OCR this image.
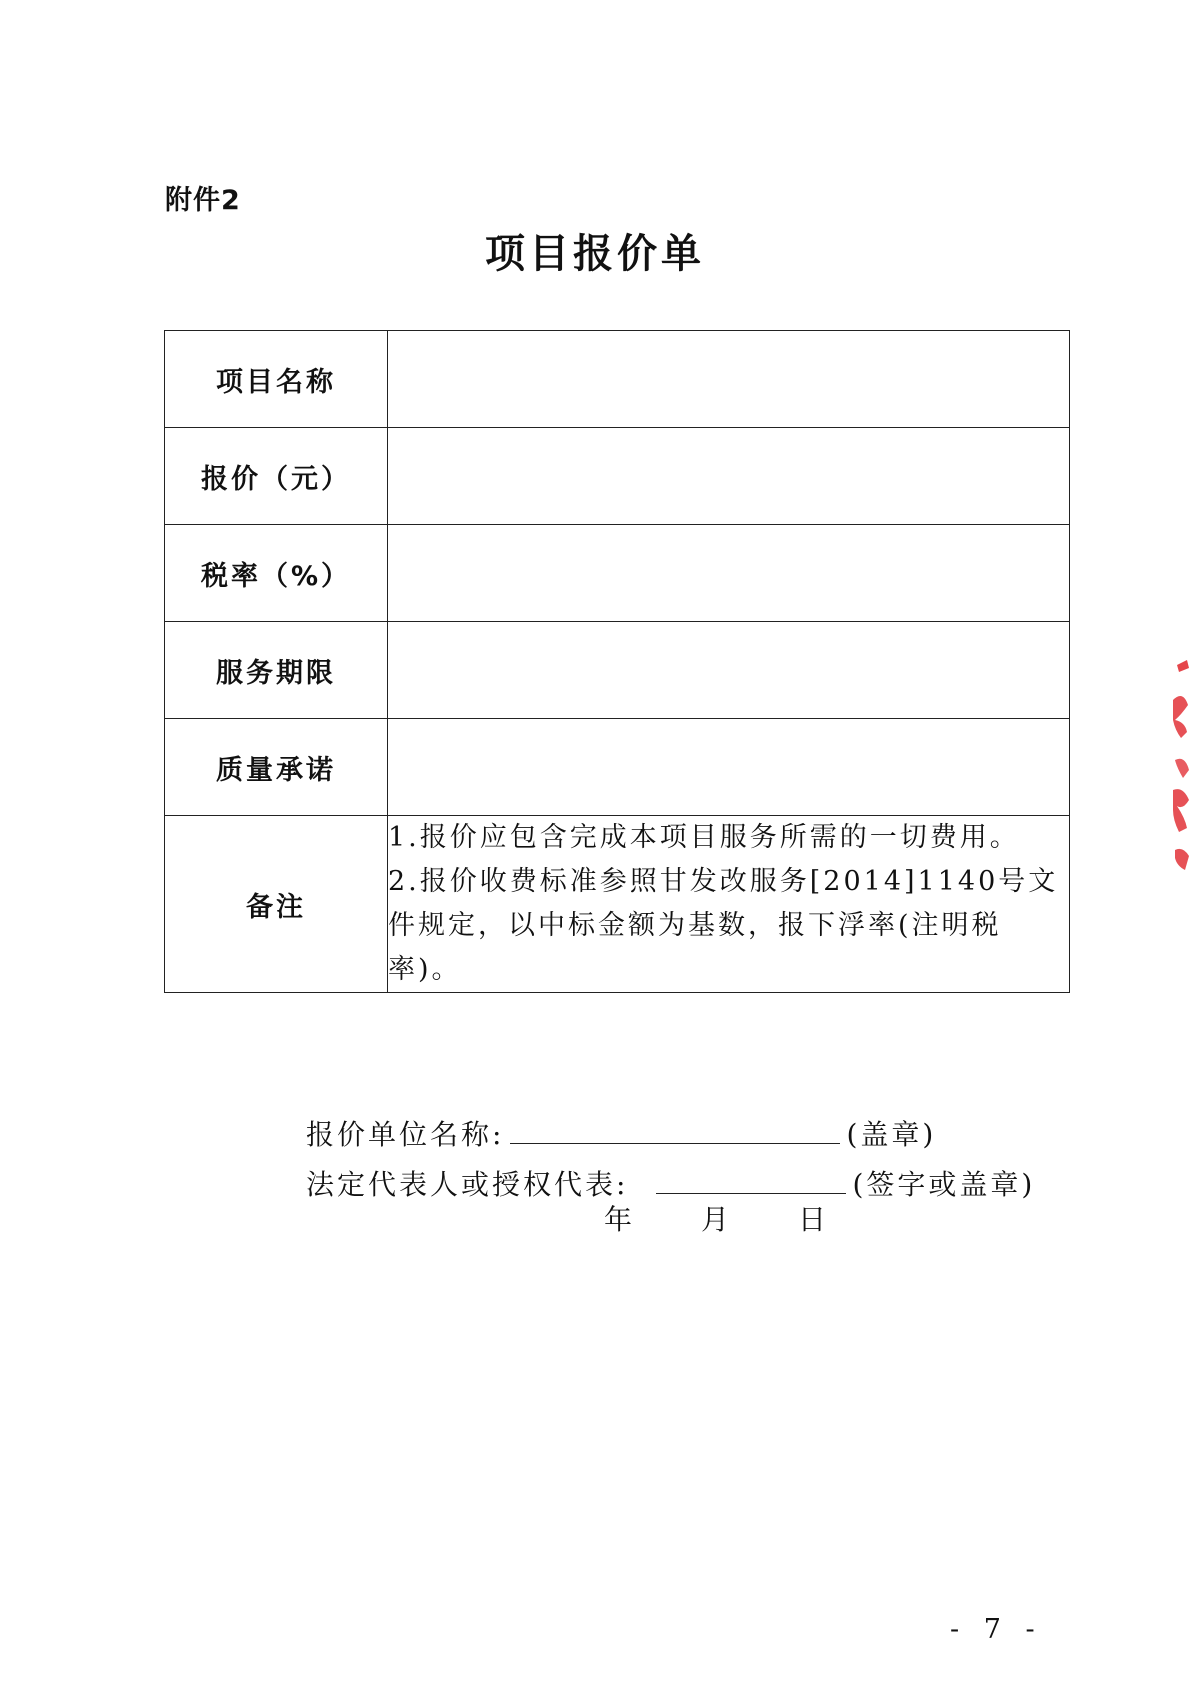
附件2
项目报价单
项目名称	
报价（元）	
税率（%）	
服务期限	
质量承诺	
备注	1.报价应包含完成本项目服务所需的一切费用。

2.报价收费标准参照甘发改服务[2014]1140号文件规定，以中标金额为基数，报下浮率(注明税率)。

报价单位名称:	(盖章)
法定代表人或授权代表:	(签字或盖章)
年 月 日
- 7 -
